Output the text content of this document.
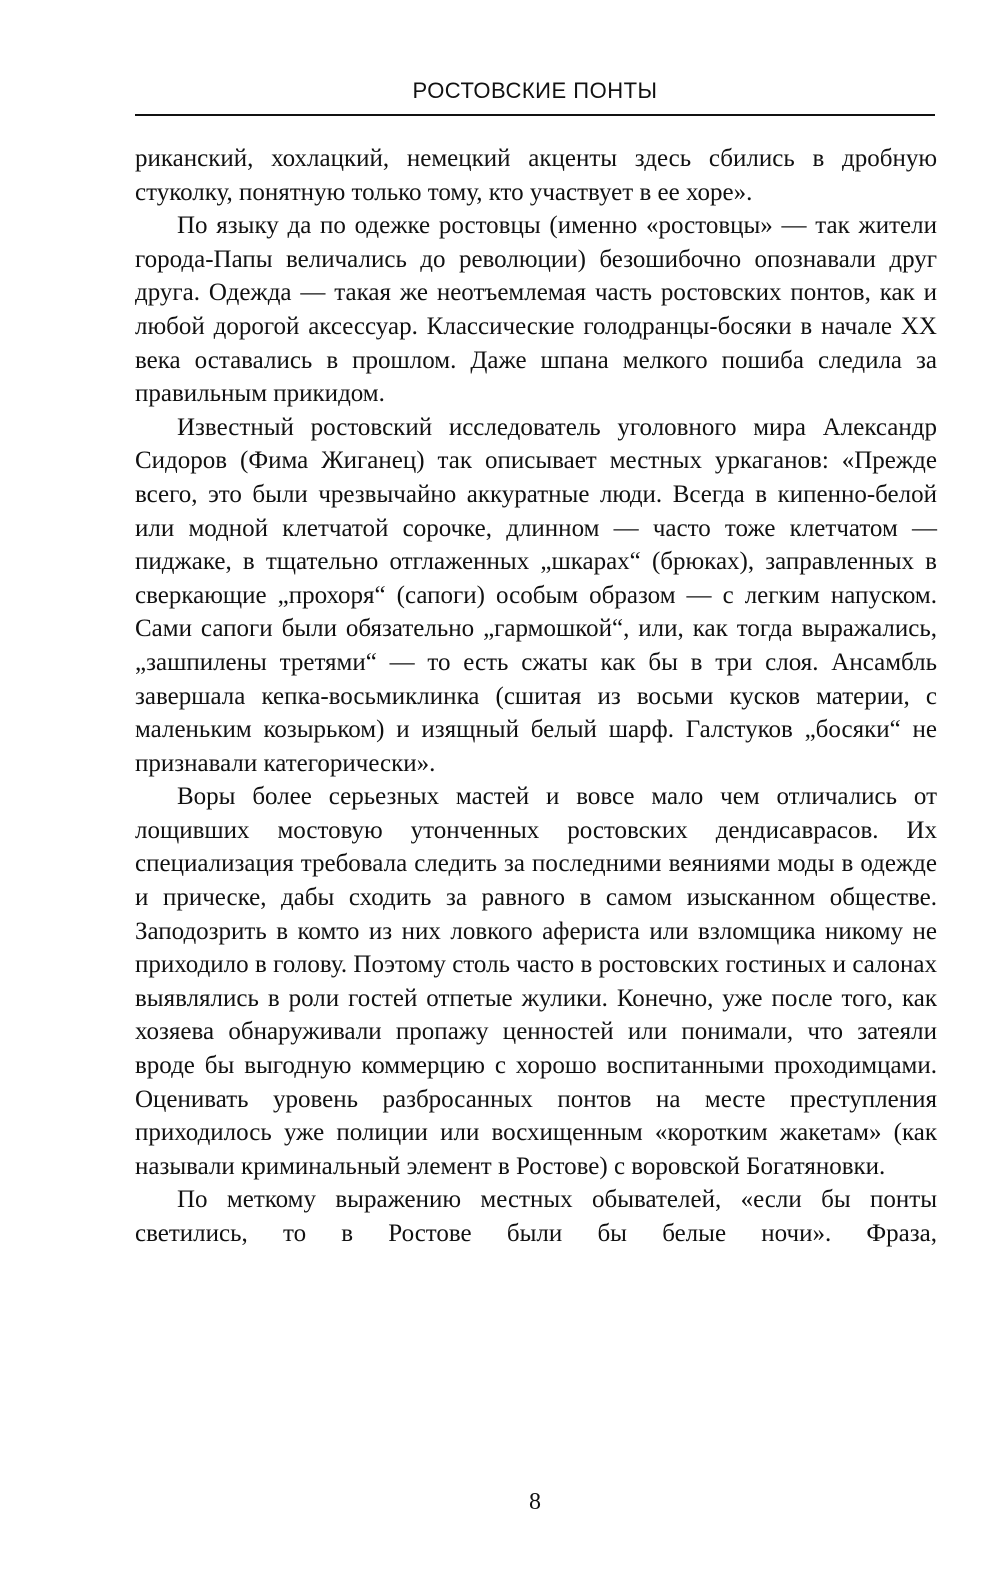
РОСТОВСКИЕ ПОНТЫ

риканский, хохлацкий, немецкий акценты здесь сбились в дробную стуколку, понятную только тому, кто участвует в ее хоре».

По языку да по одежке ростовцы (именно «ростовцы» — так жители города-Папы величались до революции) безошибочно опознавали друг друга. Одежда — такая же неотъемлемая часть ростовских понтов, как и любой дорогой аксессуар. Классические голодранцы-босяки в начале XX века оставались в прошлом. Даже шпана мелкого пошиба следила за правильным прикидом.

Известный ростовский исследователь уголовного мира Александр Сидоров (Фима Жиганец) так описывает местных уркаганов: «Прежде всего, это были чрезвычайно аккуратные люди. Всегда в кипенно-белой или модной клетчатой сорочке, длинном — часто тоже клетчатом — пиджаке, в тщательно отглаженных „шкарах“ (брюках), заправленных в сверкающие „прохоря“ (сапоги) особым образом — с легким напуском. Сами сапоги были обязательно „гармошкой“, или, как тогда выражались, „зашпилены третями“ — то есть сжаты как бы в три слоя. Ансамбль завершала кепка-восьмиклинка (сшитая из восьми кусков материи, с маленьким козырьком) и изящный белый шарф. Галстуков „босяки“ не признавали категорически».

Воры более серьезных мастей и вовсе мало чем отличались от лощивших мостовую утонченных ростовских дендисаврасов. Их специализация требовала следить за последними веяниями моды в одежде и прическе, дабы сходить за равного в самом изысканном обществе. Заподозрить в комто из них ловкого афериста или взломщика никому не приходило в голову. Поэтому столь часто в ростовских гостиных и салонах выявлялись в роли гостей отпетые жулики. Конечно, уже после того, как хозяева обнаруживали пропажу ценностей или понимали, что затеяли вроде бы выгодную коммерцию с хорошо воспитанными проходимцами. Оценивать уровень разбросанных понтов на месте преступления приходилось уже полиции или восхищенным «коротким жакетам» (как называли криминальный элемент в Ростове) с воровской Богатяновки.

По меткому выражению местных обывателей, «если бы понты светились, то в Ростове были бы белые ночи». Фраза,

8
